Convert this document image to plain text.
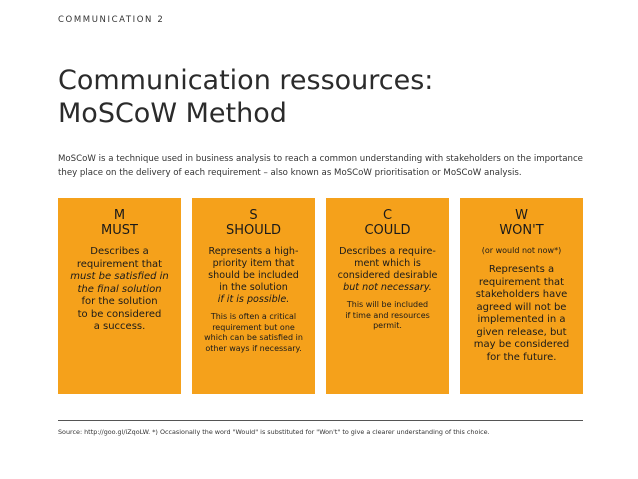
COMMUNICATION 2
Communication ressources:
MoSCoW Method

MoSCoW is a technique used in business analysis to reach a common understanding with stakeholders on the importance they place on the delivery of each requirement – also known as MoSCoW prioritisation or MoSCoW analysis.

M
MUST

Describes a
requirement that
must be satisfied in
the final solution
for the solution
to be considered
a success.

S
SHOULD

Represents a high-
priority item that
should be included
in the solution
if it is possible.

This is often a critical
requirement but one
which can be satisfied in
other ways if necessary.

C
COULD

Describes a require-
ment which is
considered desirable
but not necessary.

This will be included
if time and resources
permit.

W
WON'T

(or would not now*)

Represents a
requirement that
stakeholders have
agreed will not be
implemented in a
given release, but
may be considered
for the future.

Source: http://goo.gl/iZqoLW. *) Occasionally the word "Would" is substituted for "Won't" to give a clearer understanding of this choice.
